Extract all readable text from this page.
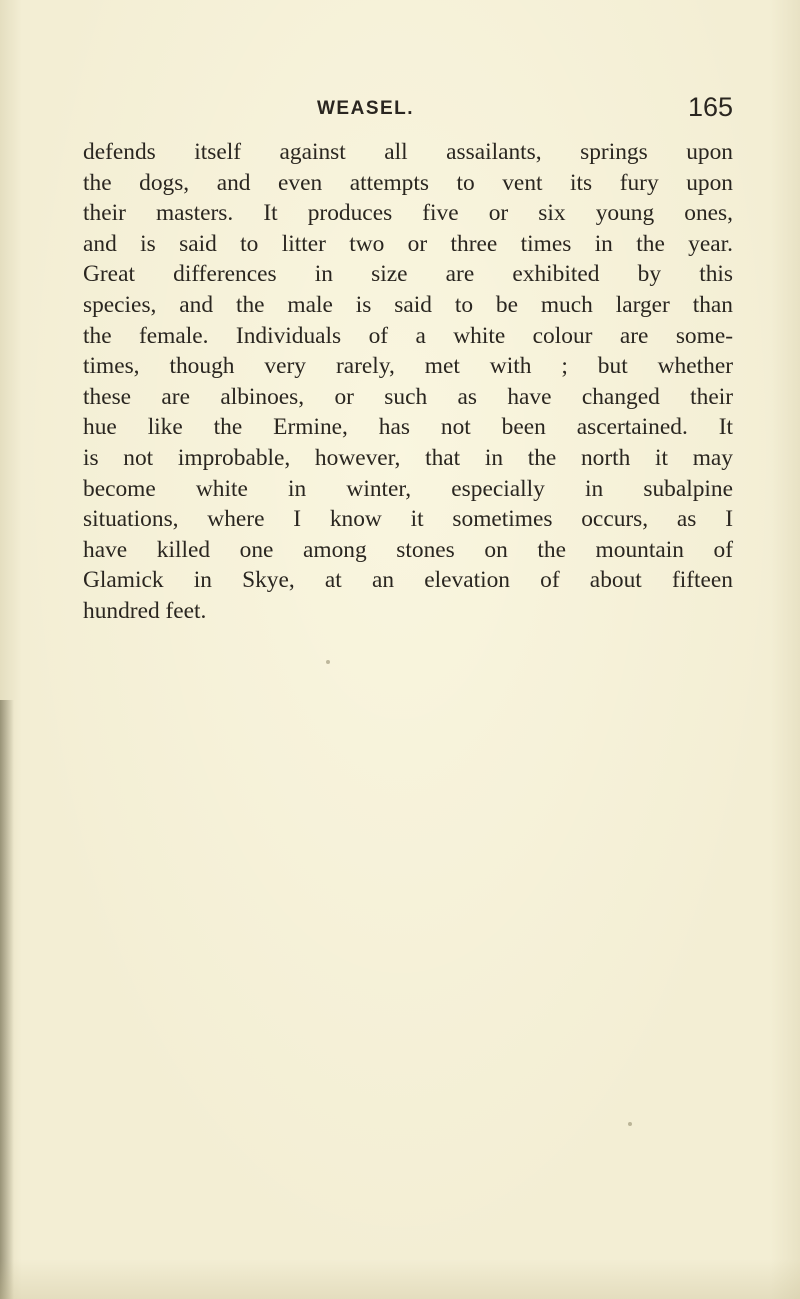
WEASEL.	165
defends itself against all assailants, springs upon
the dogs, and even attempts to vent its fury upon
their masters. It produces five or six young ones,
and is said to litter two or three times in the year.
Great differences in size are exhibited by this
species, and the male is said to be much larger than
the female. Individuals of a white colour are some-
times, though very rarely, met with ; but whether
these are albinoes, or such as have changed their
hue like the Ermine, has not been ascertained. It
is not improbable, however, that in the north it may
become white in winter, especially in subalpine
situations, where I know it sometimes occurs, as I
have killed one among stones on the mountain of
Glamick in Skye, at an elevation of about fifteen
hundred feet.
